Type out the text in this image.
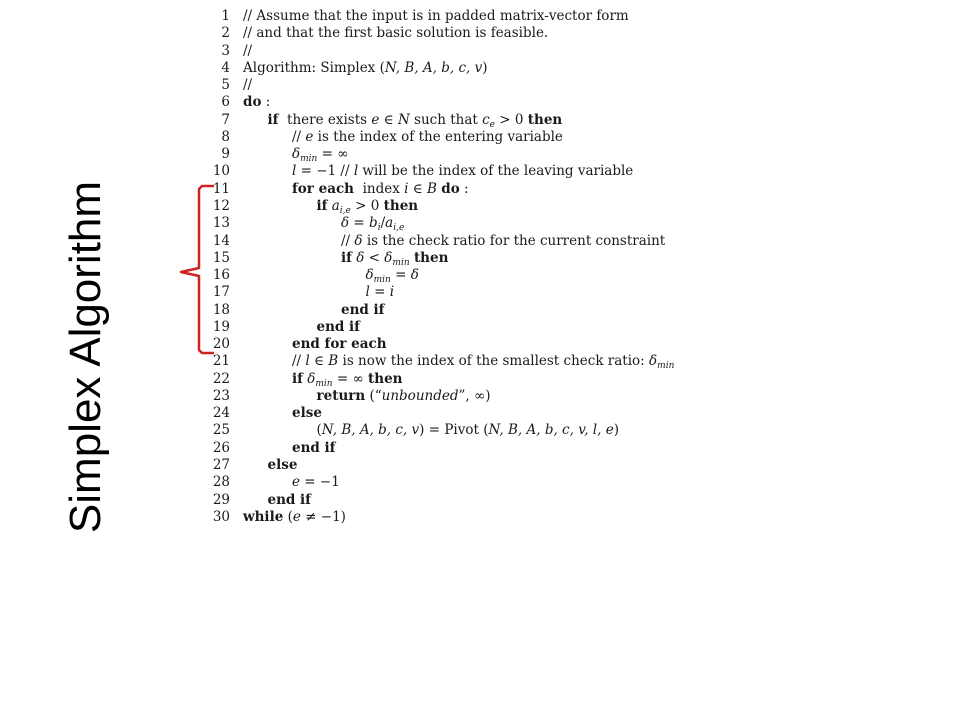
Simplex Algorithm
1 // Assume that the input is in padded matrix-vector form
2 // and that the first basic solution is feasible.
3 //
4 Algorithm: Simplex (N, B, A, b, c, v)
5 //
6 do :
7	if  there exists e ∈ N such that $c_e > 0$ then
8	// e is the index of the entering variable
9	$\delta_{min}$ = ∞
10	l = −1 // l will be the index of the leaving variable
11	for each  index i ∈ B do :
12	if $a_{i,e} > 0$ then
13	$\delta = b_i/a_{i,e}$
14	// δ is the check ratio for the current constraint
15	if $\delta < \delta_{min}$ then
16	$\delta_{min} = \delta$
17	l = i
18	end if
19	end if
20	end for each
21	// l ∈ B is now the index of the smallest check ratio: $\delta_{min}$
22	if $\delta_{min}$ = ∞ then
23	return (“unbounded”, ∞)
24	else
25	(N, B, A, b, c, v) = Pivot (N, B, A, b, c, v, l, e)
26	end if
27	else
28	e = −1
29	end if
30 while (e ≠ −1)
